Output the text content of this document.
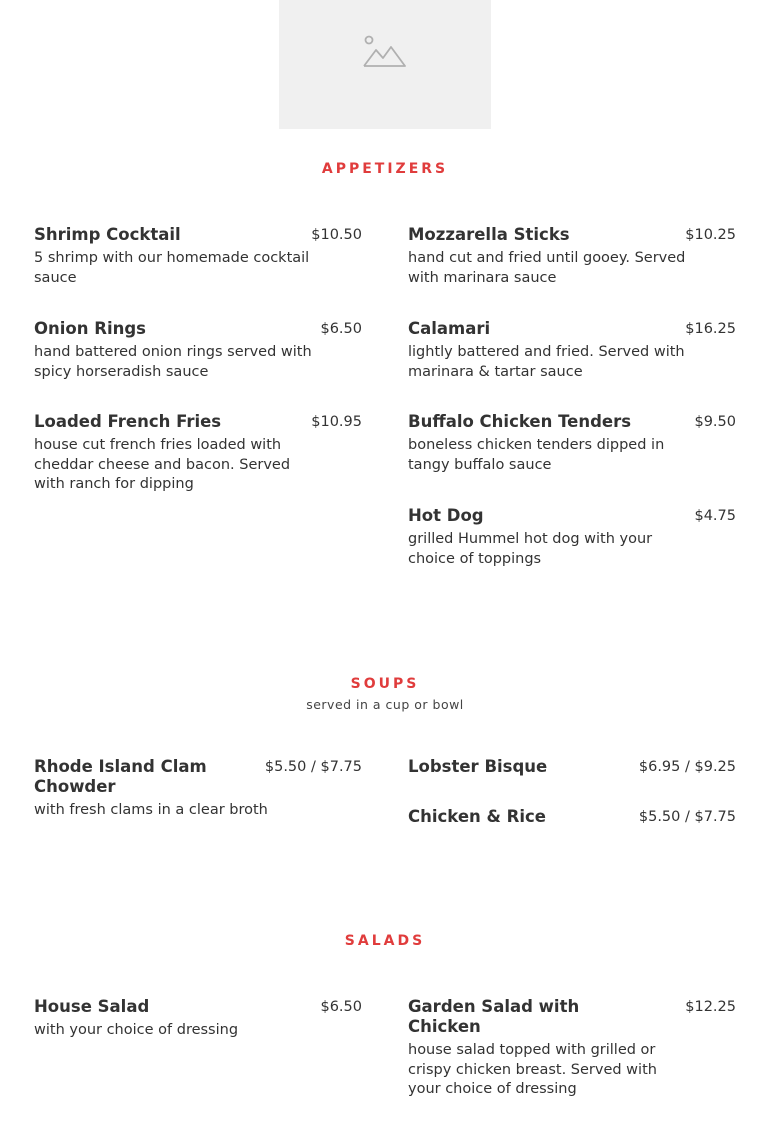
APPETIZERS
Shrimp Cocktail	$10.50
5 shrimp with our homemade cocktail sauce
Onion Rings	$6.50
hand battered onion rings served with spicy horseradish sauce
Loaded French Fries	$10.95
house cut french fries loaded with cheddar cheese and bacon. Served with ranch for dipping
Mozzarella Sticks	$10.25
hand cut and fried until gooey. Served with marinara sauce
Calamari	$16.25
lightly battered and fried. Served with marinara & tartar sauce
Buffalo Chicken Tenders	$9.50
boneless chicken tenders dipped in tangy buffalo sauce
Hot Dog	$4.75
grilled Hummel hot dog with your choice of toppings
SOUPS
served in a cup or bowl
Rhode Island Clam Chowder
$5.50 / $7.75
with fresh clams in a clear broth
Lobster Bisque	$6.95 / $9.25
Chicken & Rice	$5.50 / $7.75
SALADS
House Salad	$6.50
with your choice of dressing
Garden Salad with Chicken
$12.25
house salad topped with grilled or crispy chicken breast. Served with your choice of dressing
